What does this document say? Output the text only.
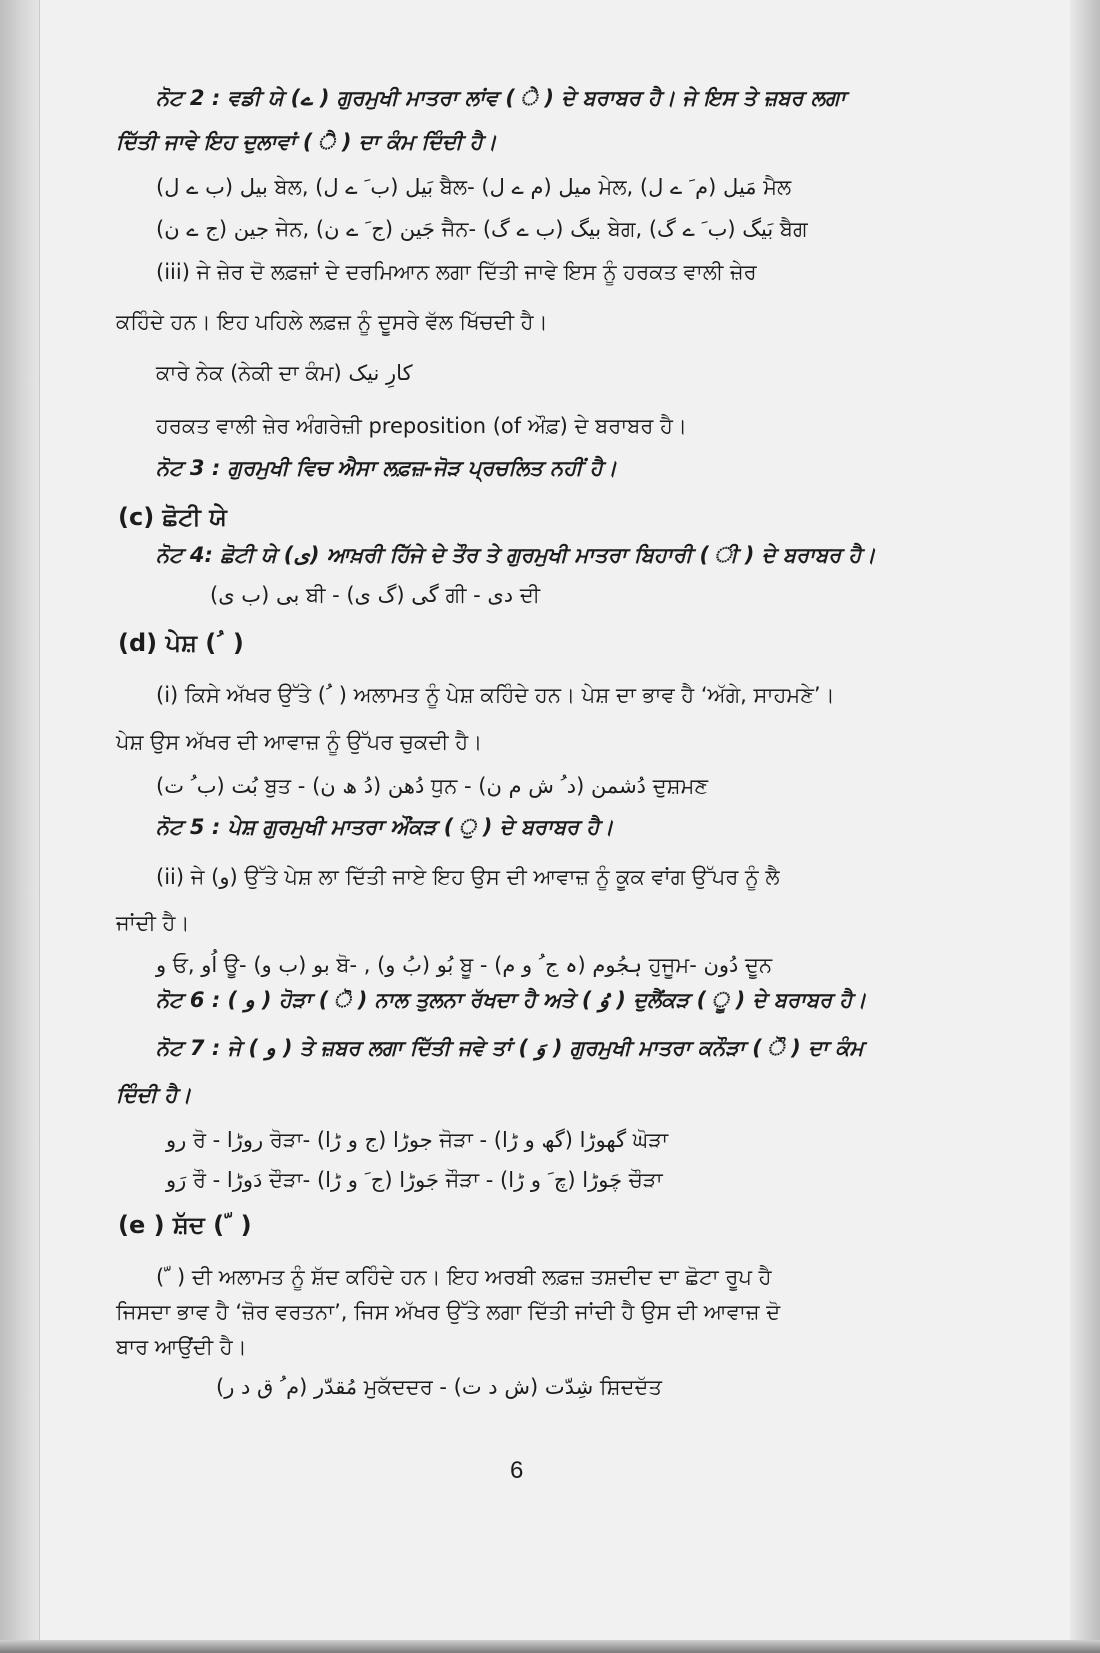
ਨੋਟ 2 : ਵਡੀ ਯੇ (ے ) ਗੁਰਮੁਖੀ ਮਾਤਰਾ ਲਾਂਵ ( ੇ ) ਦੇ ਬਰਾਬਰ ਹੈ। ਜੇ ਇਸ ਤੇ ਜ਼ਬਰ ਲਗਾ

ਦਿੱਤੀ ਜਾਵੇ ਇਹ ਦੁਲਾਵਾਂ ( ੈ ) ਦਾ ਕੰਮ ਦਿੰਦੀ ਹੈ।

بیل (ب ے ل) ਬੇਲ, بَیل (ب َ ے ل) ਬੈਲ- میل (م ے ل) ਮੇਲ, مَیل (م َ ے ل) ਮੈਲ

جین (ج ے ن) ਜੇਨ, جَین (ج َ ے ن) ਜੈਨ- بیگ (ب ے گ) ਬੇਗ, بَیگ (ب َ ے گ) ਬੈਗ

(iii) ਜੇ ਜ਼ੇਰ ਦੋ ਲਫ਼ਜ਼ਾਂ ਦੇ ਦਰਮਿਆਨ ਲਗਾ ਦਿੱਤੀ ਜਾਵੇ ਇਸ ਨੂੰ ਹਰਕਤ ਵਾਲੀ ਜ਼ੇਰ

ਕਹਿੰਦੇ ਹਨ। ਇਹ ਪਹਿਲੇ ਲਫ਼ਜ਼ ਨੂੰ ਦੂਸਰੇ ਵੱਲ ਖਿੱਚਦੀ ਹੈ।

ਕਾਰੇ ਨੇਕ (ਨੇਕੀ ਦਾ ਕੰਮ) کارِ نیک

ਹਰਕਤ ਵਾਲੀ ਜ਼ੇਰ ਅੰਗਰੇਜ਼ੀ preposition (of ਔਫ਼) ਦੇ ਬਰਾਬਰ ਹੈ।

ਨੋਟ 3 : ਗੁਰਮੁਖੀ ਵਿਚ ਐਸਾ ਲਫ਼ਜ਼-ਜੋੜ ਪ੍ਰਚਲਿਤ ਨਹੀਂ ਹੈ।

(c) ਛੋਟੀ ਯੇ

ਨੋਟ 4: ਛੋਟੀ ਯੇ (ی) ਆਖ਼ਰੀ ਹਿੱਜੇ ਦੇ ਤੌਰ ਤੇ ਗੁਰਮੁਖੀ ਮਾਤਰਾ ਬਿਹਾਰੀ ( ੀ ) ਦੇ ਬਰਾਬਰ ਹੈ।

بی (ب ی) ਬੀ - گی (گ ی) ਗੀ - دی ਦੀ

(d) ਪੇਸ਼ ( ُ )

(i) ਕਿਸੇ ਅੱਖਰ ਉੱਤੇ ( ُ ) ਅਲਾਮਤ ਨੂੰ ਪੇਸ਼ ਕਹਿੰਦੇ ਹਨ। ਪੇਸ਼ ਦਾ ਭਾਵ ਹੈ ‘ਅੱਗੇ, ਸਾਹਮਣੇ’।

ਪੇਸ਼ ਉਸ ਅੱਖਰ ਦੀ ਆਵਾਜ਼ ਨੂੰ ਉੱਪਰ ਚੁਕਦੀ ਹੈ।

بُت (ب ُ ت) ਬੁਤ - دُھن (دُ ھ ن) ਧੁਨ - دُشمن (د ُ ش م ن) ਦੁਸ਼ਮਣ

ਨੋਟ 5 : ਪੇਸ਼ ਗੁਰਮੁਖੀ ਮਾਤਰਾ ਔਂਕੜ ( ੁ ) ਦੇ ਬਰਾਬਰ ਹੈ।

(ii) ਜੇ (و) ਉੱਤੇ ਪੇਸ਼ ਲਾ ਦਿੱਤੀ ਜਾਏ ਇਹ ਉਸ ਦੀ ਆਵਾਜ਼ ਨੂੰ ਕੂਕ ਵਾਂਗ ਉੱਪਰ ਨੂੰ ਲੈ

ਜਾਂਦੀ ਹੈ।

و ਓ, اُو ਊ- بو (ب و) ਬੋ- , بُو (بُ و) ਬੂ - ہجُوم (ہ ج ُ و م) ਹੁਜੂਮ- دُون ਦੂਨ

ਨੋਟ 6 : ( و ) ਹੋੜਾ ( ੋ ) ਨਾਲ ਤੁਲਨਾ ਰੱਖਦਾ ਹੈ ਅਤੇ ( وُ ) ਦੁਲੈਂਕੜ ( ੂ ) ਦੇ ਬਰਾਬਰ ਹੈ।

ਨੋਟ 7 : ਜੇ ( و ) ਤੇ ਜ਼ਬਰ ਲਗਾ ਦਿੱਤੀ ਜਵੇ ਤਾਂ ( وَ ) ਗੁਰਮੁਖੀ ਮਾਤਰਾ ਕਨੌੜਾ ( ੌ ) ਦਾ ਕੰਮ

ਦਿੰਦੀ ਹੈ।

رو ਰੋ - روڑا ਰੋੜਾ- جوڑا (ج و ڑا) ਜੋੜਾ - گھوڑا (گھ و ڑا) ਘੋੜਾ

رَو ਰੌ - دَوڑا ਦੌੜਾ- جَوڑا (ج َ و ڑا) ਜੌੜਾ - چَوڑا (چ َ و ڑا) ਚੌੜਾ

(e ) ਸ਼ੱਦ ( ّ )

( ّ ) ਦੀ ਅਲਾਮਤ ਨੂੰ ਸ਼ੱਦ ਕਹਿੰਦੇ ਹਨ। ਇਹ ਅਰਬੀ ਲਫ਼ਜ਼ ਤਸ਼ਦੀਦ ਦਾ ਛੋਟਾ ਰੂਪ ਹੈ

ਜਿਸਦਾ ਭਾਵ ਹੈ ‘ਜ਼ੋਰ ਵਰਤਨਾ’, ਜਿਸ ਅੱਖਰ ਉੱਤੇ ਲਗਾ ਦਿੱਤੀ ਜਾਂਦੀ ਹੈ ਉਸ ਦੀ ਆਵਾਜ਼ ਦੋ

ਬਾਰ ਆਉਂਦੀ ਹੈ।

مُقدّر (م ُ ق د ر) ਮੁਕੱਦਦਰ - شِدّت (ش د ت) ਸ਼ਿਦਦੱਤ

6
